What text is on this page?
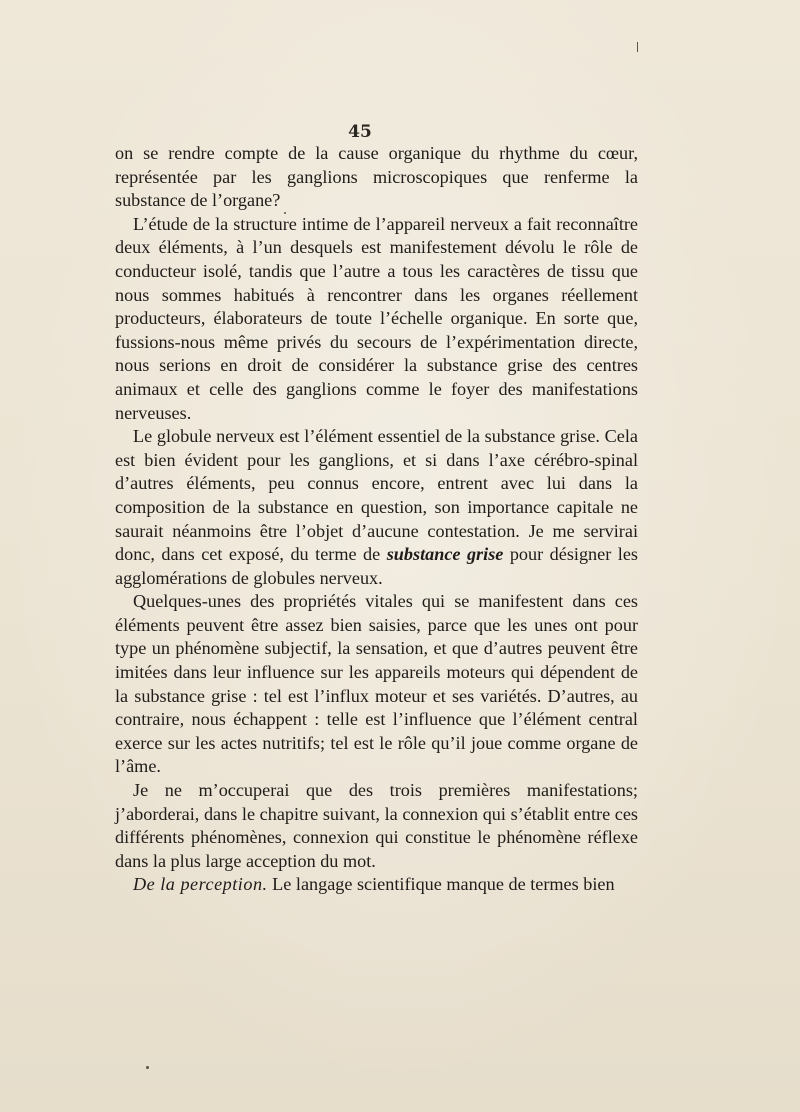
45

on se rendre compte de la cause organique du rhythme du cœur, représentée par les ganglions microscopiques que renferme la substance de l’organe?

L’étude de la structure intime de l’appareil nerveux a fait reconnaître deux éléments, à l’un desquels est manifestement dévolu le rôle de conducteur isolé, tandis que l’autre a tous les caractères de tissu que nous sommes habitués à rencontrer dans les organes réellement producteurs, élaborateurs de toute l’échelle organique. En sorte que, fussions-nous même privés du secours de l’expérimentation directe, nous serions en droit de considérer la substance grise des centres animaux et celle des ganglions comme le foyer des manifestations nerveuses.

Le globule nerveux est l’élément essentiel de la substance grise. Cela est bien évident pour les ganglions, et si dans l’axe cérébro-spinal d’autres éléments, peu connus encore, entrent avec lui dans la composition de la substance en question, son importance capitale ne saurait néanmoins être l’objet d’aucune contestation. Je me servirai donc, dans cet exposé, du terme de substance grise pour désigner les agglomérations de globules nerveux.

Quelques-unes des propriétés vitales qui se manifestent dans ces éléments peuvent être assez bien saisies, parce que les unes ont pour type un phénomène subjectif, la sensation, et que d’autres peuvent être imitées dans leur influence sur les appareils moteurs qui dépendent de la substance grise : tel est l’influx moteur et ses variétés. D’autres, au contraire, nous échappent : telle est l’influence que l’élément central exerce sur les actes nutritifs; tel est le rôle qu’il joue comme organe de l’âme.

Je ne m’occuperai que des trois premières manifestations; j’aborderai, dans le chapitre suivant, la connexion qui s’établit entre ces différents phénomènes, connexion qui constitue le phénomène réflexe dans la plus large acception du mot.

De la perception. Le langage scientifique manque de termes bien
